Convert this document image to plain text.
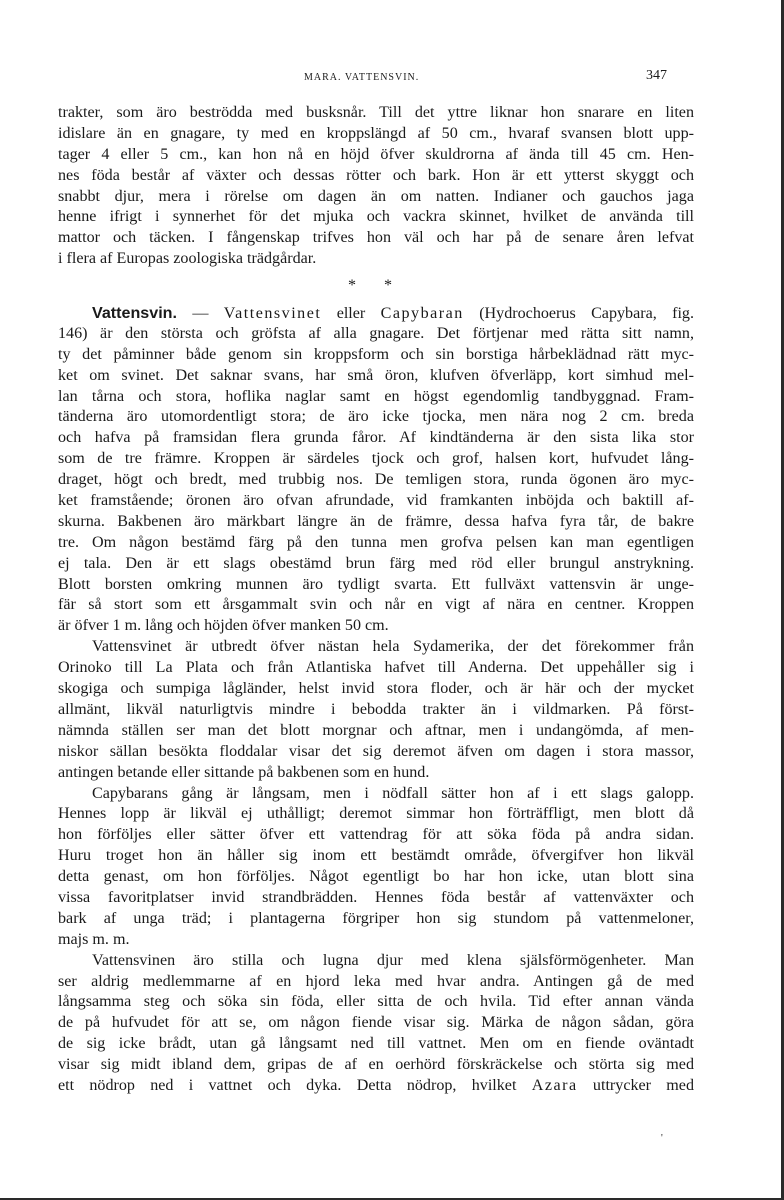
MARA. VATTENSVIN.	347
trakter, som äro beströdda med busksnår. Till det yttre liknar hon snarare en liten
idislare än en gnagare, ty med en kroppslängd af 50 cm., hvaraf svansen blott upp-
tager 4 eller 5 cm., kan hon nå en höjd öfver skuldrorna af ända till 45 cm. Hen-
nes föda består af växter och dessas rötter och bark. Hon är ett ytterst skyggt och
snabbt djur, mera i rörelse om dagen än om natten. Indianer och gauchos jaga
henne ifrigt i synnerhet för det mjuka och vackra skinnet, hvilket de använda till
mattor och täcken. I fångenskap trifves hon väl och har på de senare åren lefvat
i flera af Europas zoologiska trädgårdar.
* *
Vattensvin. — Vattensvinet eller Capybaran (Hydrochoerus Capybara, fig.
146) är den största och gröfsta af alla gnagare. Det förtjenar med rätta sitt namn,
ty det påminner både genom sin kroppsform och sin borstiga hårbeklädnad rätt myc-
ket om svinet. Det saknar svans, har små öron, klufven öfverläpp, kort simhud mel-
lan tårna och stora, hoflika naglar samt en högst egendomlig tandbyggnad. Fram-
tänderna äro utomordentligt stora; de äro icke tjocka, men nära nog 2 cm. breda
och hafva på framsidan flera grunda fåror. Af kindtänderna är den sista lika stor
som de tre främre. Kroppen är särdeles tjock och grof, halsen kort, hufvudet lång-
draget, högt och bredt, med trubbig nos. De temligen stora, runda ögonen äro myc-
ket framstående; öronen äro ofvan afrundade, vid framkanten inböjda och baktill af-
skurna. Bakbenen äro märkbart längre än de främre, dessa hafva fyra tår, de bakre
tre. Om någon bestämd färg på den tunna men grofva pelsen kan man egentligen
ej tala. Den är ett slags obestämd brun färg med röd eller brungul anstrykning.
Blott borsten omkring munnen äro tydligt svarta. Ett fullväxt vattensvin är unge-
fär så stort som ett årsgammalt svin och når en vigt af nära en centner. Kroppen
är öfver 1 m. lång och höjden öfver manken 50 cm.
Vattensvinet är utbredt öfver nästan hela Sydamerika, der det förekommer från
Orinoko till La Plata och från Atlantiska hafvet till Anderna. Det uppehåller sig i
skogiga och sumpiga lågländer, helst invid stora floder, och är här och der mycket
allmänt, likväl naturligtvis mindre i bebodda trakter än i vildmarken. På först-
nämnda ställen ser man det blott morgnar och aftnar, men i undangömda, af men-
niskor sällan besökta floddalar visar det sig deremot äfven om dagen i stora massor,
antingen betande eller sittande på bakbenen som en hund.
Capybarans gång är långsam, men i nödfall sätter hon af i ett slags galopp.
Hennes lopp är likväl ej uthålligt; deremot simmar hon förträffligt, men blott då
hon förföljes eller sätter öfver ett vattendrag för att söka föda på andra sidan.
Huru troget hon än håller sig inom ett bestämdt område, öfvergifver hon likväl
detta genast, om hon förföljes. Något egentligt bo har hon icke, utan blott sina
vissa favoritplatser invid strandbrädden. Hennes föda består af vattenväxter och
bark af unga träd; i plantagerna förgriper hon sig stundom på vattenmeloner,
majs m. m.
Vattensvinen äro stilla och lugna djur med klena själsförmögenheter. Man
ser aldrig medlemmarne af en hjord leka med hvar andra. Antingen gå de med
långsamma steg och söka sin föda, eller sitta de och hvila. Tid efter annan vända
de på hufvudet för att se, om någon fiende visar sig. Märka de någon sådan, göra
de sig icke brådt, utan gå långsamt ned till vattnet. Men om en fiende oväntadt
visar sig midt ibland dem, gripas de af en oerhörd förskräckelse och störta sig med
ett nödrop ned i vattnet och dyka. Detta nödrop, hvilket Azara uttrycker med
'
